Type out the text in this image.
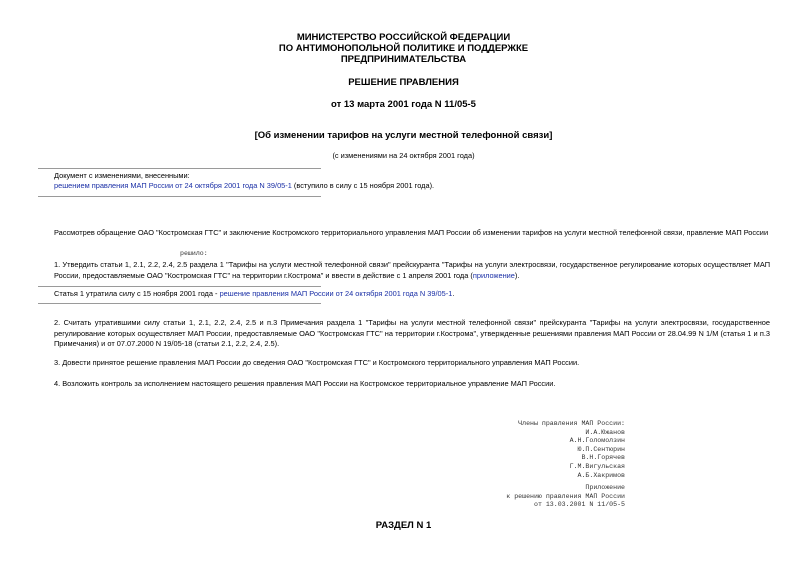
МИНИСТЕРСТВО РОССИЙСКОЙ ФЕДЕРАЦИИ
ПО АНТИМОНОПОЛЬНОЙ ПОЛИТИКЕ И ПОДДЕРЖКЕ
ПРЕДПРИНИМАТЕЛЬСТВА
РЕШЕНИЕ ПРАВЛЕНИЯ
от 13 марта 2001 года N 11/05-5
[Об изменении тарифов на услуги местной телефонной связи]
(с изменениями на 24 октября 2001 года)
Документ с изменениями, внесенными:
решением правления МАП России от 24 октября 2001 года N 39/05-1 (вступило в силу с 15 ноября 2001 года).
Рассмотрев обращение ОАО "Костромская ГТС" и заключение Костромского территориального управления МАП России об изменении тарифов на услуги местной телефонной связи, правление МАП России
решило:
1. Утвердить статьи 1, 2.1, 2.2, 2.4, 2.5 раздела 1 "Тарифы на услуги местной телефонной связи" прейскуранта "Тарифы на услуги электросвязи, государственное регулирование которых осуществляет МАП России, предоставляемые ОАО "Костромская ГТС" на территории г.Кострома" и ввести в действие с 1 апреля 2001 года (приложение).
Статья 1 утратила силу с 15 ноября 2001 года - решение правления МАП России от 24 октября 2001 года N 39/05-1.
2. Считать утратившими силу статьи 1, 2.1, 2.2, 2.4, 2.5 и п.3 Примечания раздела 1 "Тарифы на услуги местной телефонной связи" прейскуранта "Тарифы на услуги электросвязи, государственное регулирование которых осуществляет МАП России, предоставляемые ОАО "Костромская ГТС" на территории г.Кострома", утвержденные решениями правления МАП России от 28.04.99 N 1/М (статья 1 и п.3 Примечания) и от 07.07.2000 N 19/05-18 (статьи 2.1, 2.2, 2.4, 2.5).
3. Довести принятое решение правления МАП России до сведения ОАО "Костромская ГТС" и Костромского территориального управления МАП России.
4. Возложить контроль за исполнением настоящего решения правления МАП России на Костромское территориальное управление МАП России.
Члены правления МАП России:
И.А.Южанов
А.Н.Голомолзин
Ю.П.Сентюрин
В.Н.Горячев
Г.М.Вигульская
А.Б.Хакримов
Приложение
к решению правления МАП России
от 13.03.2001 N 11/05-5
РАЗДЕЛ N 1
